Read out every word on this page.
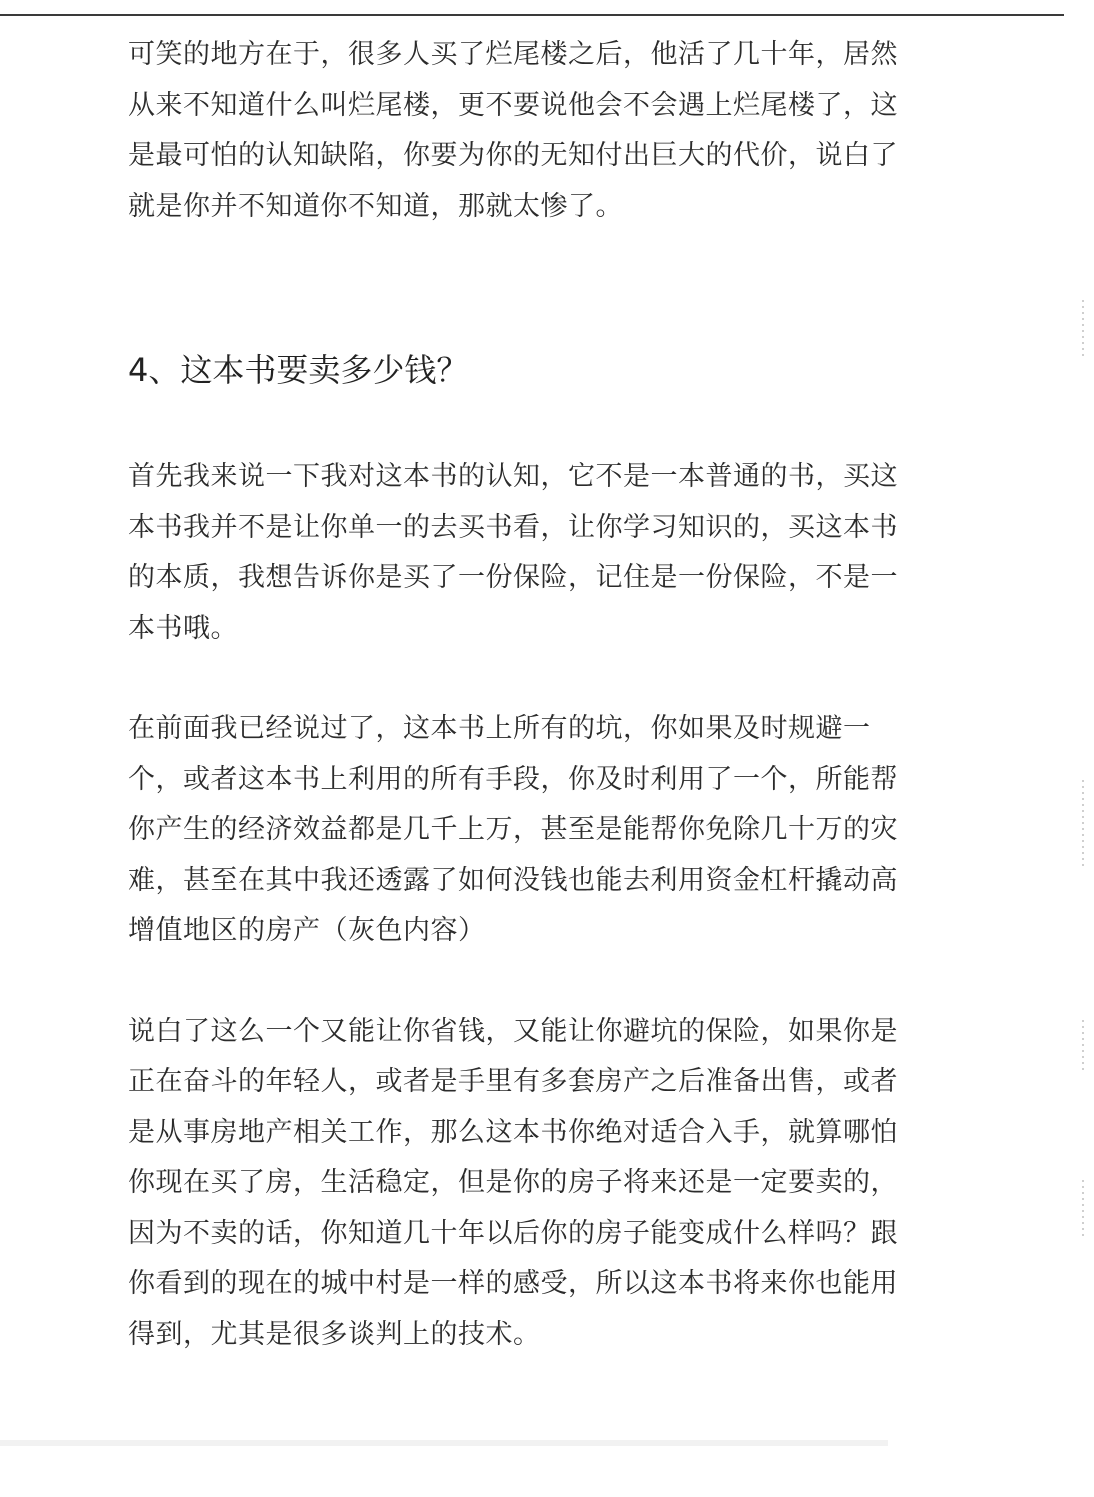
可笑的地方在于，很多人买了烂尾楼之后，他活了几十年，居然从来不知道什么叫烂尾楼，更不要说他会不会遇上烂尾楼了，这是最可怕的认知缺陷，你要为你的无知付出巨大的代价，说白了就是你并不知道你不知道，那就太惨了。

4、这本书要卖多少钱？

首先我来说一下我对这本书的认知，它不是一本普通的书，买这本书我并不是让你单一的去买书看，让你学习知识的，买这本书的本质，我想告诉你是买了一份保险，记住是一份保险，不是一本书哦。

在前面我已经说过了，这本书上所有的坑，你如果及时规避一个，或者这本书上利用的所有手段，你及时利用了一个，所能帮你产生的经济效益都是几千上万，甚至是能帮你免除几十万的灾难，甚至在其中我还透露了如何没钱也能去利用资金杠杆撬动高增值地区的房产（灰色内容）

说白了这么一个又能让你省钱，又能让你避坑的保险，如果你是正在奋斗的年轻人，或者是手里有多套房产之后准备出售，或者是从事房地产相关工作，那么这本书你绝对适合入手，就算哪怕你现在买了房，生活稳定，但是你的房子将来还是一定要卖的，因为不卖的话，你知道几十年以后你的房子能变成什么样吗？跟你看到的现在的城中村是一样的感受，所以这本书将来你也能用得到，尤其是很多谈判上的技术。
